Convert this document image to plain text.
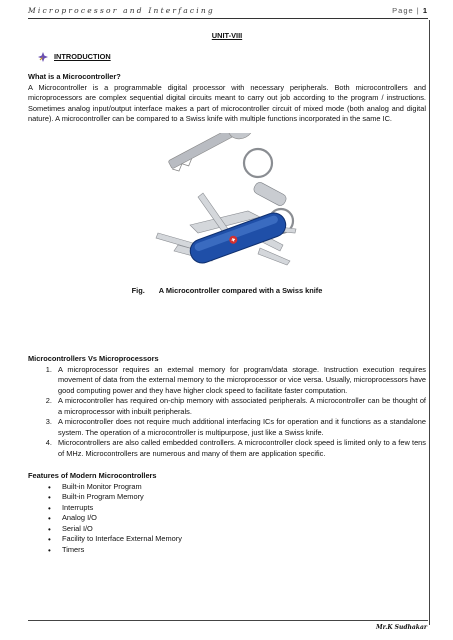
Microprocessor and Interfacing	Page | 1
UNIT-VIII
INTRODUCTION
What is a Microcontroller?

A Microcontroller is a programmable digital processor with necessary peripherals. Both microcontrollers and microprocessors are complex sequential digital circuits meant to carry out job according to the program / instructions. Sometimes analog input/output interface makes a part of microcontroller circuit of mixed mode (both analog and digital nature). A microcontroller can be compared to a Swiss knife with multiple functions incorporated in the same IC.

Fig. A Microcontroller compared with a Swiss knife
Microcontrollers Vs Microprocessors
1. A microprocessor requires an external memory for program/data storage. Instruction execution requires movement of data from the external memory to the microprocessor or vice versa. Usually, microprocessors have good computing power and they have higher clock speed to facilitate faster computation.
2. A microcontroller has required on-chip memory with associated peripherals. A microcontroller can be thought of a microprocessor with inbuilt peripherals.
3. A microcontroller does not require much additional interfacing ICs for operation and it functions as a standalone system. The operation of a microcontroller is multipurpose, just like a Swiss knife.
4. Microcontrollers are also called embedded controllers. A microcontroller clock speed is limited only to a few tens of MHz. Microcontrollers are numerous and many of them are application specific.
Features of Modern Microcontrollers
• Built-in Monitor Program
• Built-in Program Memory
• Interrupts
• Analog I/O
• Serial I/O
• Facility to Interface External Memory
• Timers
Mr.K Sudhakar
